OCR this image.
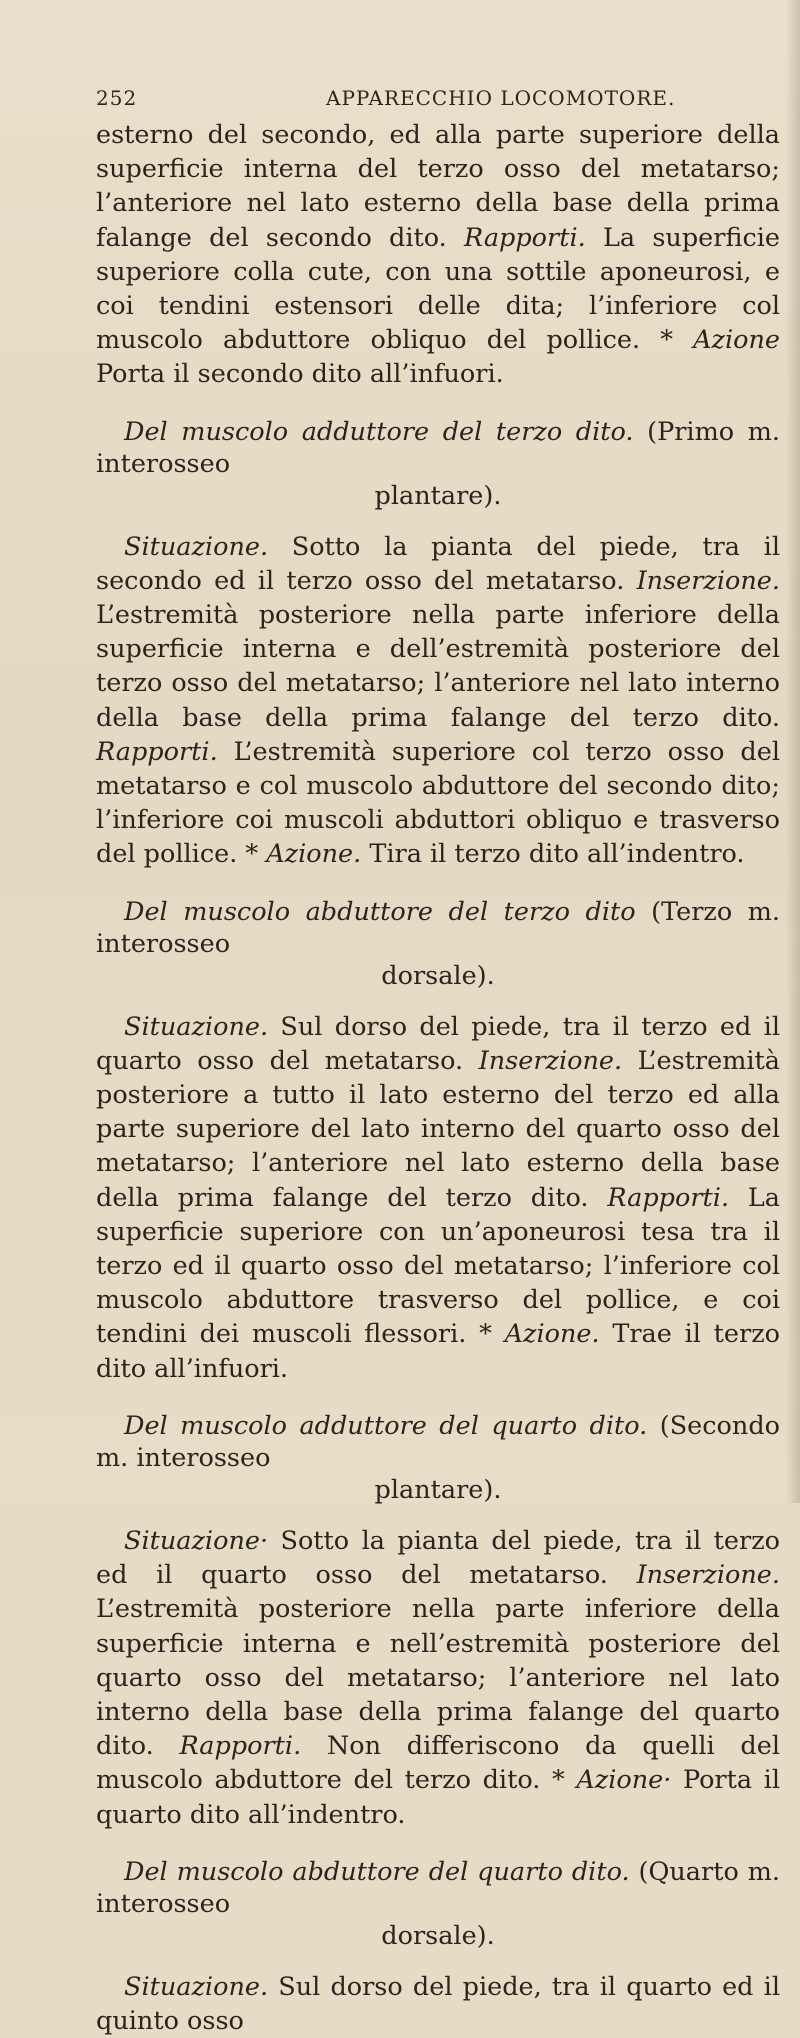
252	APPARECCHIO LOCOMOTORE.

esterno del secondo, ed alla parte superiore della superficie interna del terzo osso del metatarso; l’anteriore nel lato esterno della base della prima falange del secondo dito. Rapporti. La superficie superiore colla cute, con una sottile aponeurosi, e coi tendini estensori delle dita; l’inferiore col muscolo abduttore obliquo del pollice. * Azione Porta il secondo dito all’infuori.

Del muscolo adduttore del terzo dito. (Primo m. interosseo

plantare).

Situazione. Sotto la pianta del piede, tra il secondo ed il terzo osso del metatarso. Inserzione. L’estremità posteriore nella parte inferiore della superficie interna e dell’estremità posteriore del terzo osso del metatarso; l’anteriore nel lato interno della base della prima falange del terzo dito. Rapporti. L’estremità superiore col terzo osso del metatarso e col muscolo abduttore del secondo dito; l’inferiore coi muscoli abduttori obliquo e trasverso del pollice. * Azione. Tira il terzo dito all’indentro.

Del muscolo abduttore del terzo dito (Terzo m. interosseo

dorsale).

Situazione. Sul dorso del piede, tra il terzo ed il quarto osso del metatarso. Inserzione. L’estremità posteriore a tutto il lato esterno del terzo ed alla parte superiore del lato interno del quarto osso del metatarso; l’anteriore nel lato esterno della base della prima falange del terzo dito. Rapporti. La superficie superiore con un’aponeurosi tesa tra il terzo ed il quarto osso del metatarso; l’inferiore col muscolo abduttore trasverso del pollice, e coi tendini dei muscoli flessori. * Azione. Trae il terzo dito all’infuori.

Del muscolo adduttore del quarto dito. (Secondo m. interosseo

plantare).

Situazione· Sotto la pianta del piede, tra il terzo ed il quarto osso del metatarso. Inserzione. L’estremità posteriore nella parte inferiore della superficie interna e nell’estremità posteriore del quarto osso del metatarso; l’anteriore nel lato interno della base della prima falange del quarto dito. Rapporti. Non differiscono da quelli del muscolo abduttore del terzo dito. * Azione· Porta il quarto dito all’indentro.

Del muscolo abduttore del quarto dito. (Quarto m. interosseo

dorsale).

Situazione. Sul dorso del piede, tra il quarto ed il quinto osso
